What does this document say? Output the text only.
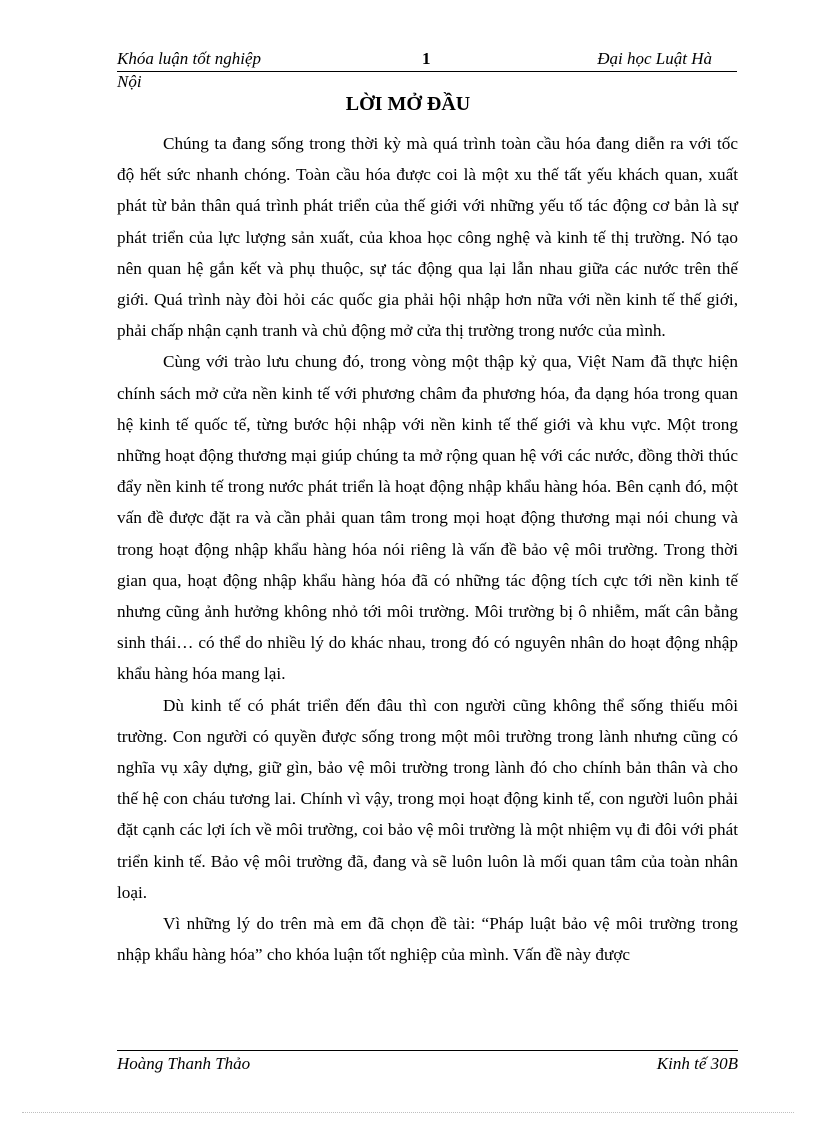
Khóa luận tốt nghiệp	1	Đại học Luật Hà
Nội
LỜI MỞ ĐẦU

Chúng ta đang sống trong thời kỳ mà quá trình toàn cầu hóa đang diễn ra với tốc độ hết sức nhanh chóng. Toàn cầu hóa được coi là một xu thế tất yếu khách quan, xuất phát từ bản thân quá trình phát triển của thế giới với những yếu tố tác động cơ bản là sự phát triển của lực lượng sản xuất, của khoa học công nghệ và kinh tế thị trường. Nó tạo nên quan hệ gắn kết và phụ thuộc, sự tác động qua lại lẫn nhau giữa các nước trên thế giới. Quá trình này đòi hỏi các quốc gia phải hội nhập hơn nữa với nền kinh tế thế giới, phải chấp nhận cạnh tranh và chủ động mở cửa thị trường trong nước của mình.

Cùng với trào lưu chung đó, trong vòng một thập kỷ qua, Việt Nam đã thực hiện chính sách mở cửa nền kinh tế với phương châm đa phương hóa, đa dạng hóa trong quan hệ kinh tế quốc tế, từng bước hội nhập với nền kinh tế thế giới và khu vực. Một trong những hoạt động thương mại giúp chúng ta mở rộng quan hệ với các nước, đồng thời thúc đẩy nền kinh tế trong nước phát triển là hoạt động nhập khẩu hàng hóa. Bên cạnh đó, một vấn đề được đặt ra và cần phải quan tâm trong mọi hoạt động thương mại nói chung và trong hoạt động nhập khẩu hàng hóa nói riêng là vấn đề bảo vệ môi trường. Trong thời gian qua, hoạt động nhập khẩu hàng hóa đã có những tác động tích cực tới nền kinh tế nhưng cũng ảnh hưởng không nhỏ tới môi trường. Môi trường bị ô nhiễm, mất cân bằng sinh thái… có thể do nhiều lý do khác nhau, trong đó có nguyên nhân do hoạt động nhập khẩu hàng hóa mang lại.

Dù kinh tế có phát triển đến đâu thì con người cũng không thể sống thiếu môi trường. Con người có quyền được sống trong một môi trường trong lành nhưng cũng có nghĩa vụ xây dựng, giữ gìn, bảo vệ môi trường trong lành đó cho chính bản thân và cho thế hệ con cháu tương lai. Chính vì vậy, trong mọi hoạt động kinh tế, con người luôn phải đặt cạnh các lợi ích về môi trường, coi bảo vệ môi trường là một nhiệm vụ đi đôi với phát triển kinh tế. Bảo vệ môi trường đã, đang và sẽ luôn luôn là mối quan tâm của toàn nhân loại.

Vì những lý do trên mà em đã chọn đề tài: “Pháp luật bảo vệ môi trường trong nhập khẩu hàng hóa” cho khóa luận tốt nghiệp của mình. Vấn đề này được

Hoàng Thanh Thảo	Kinh tế 30B
